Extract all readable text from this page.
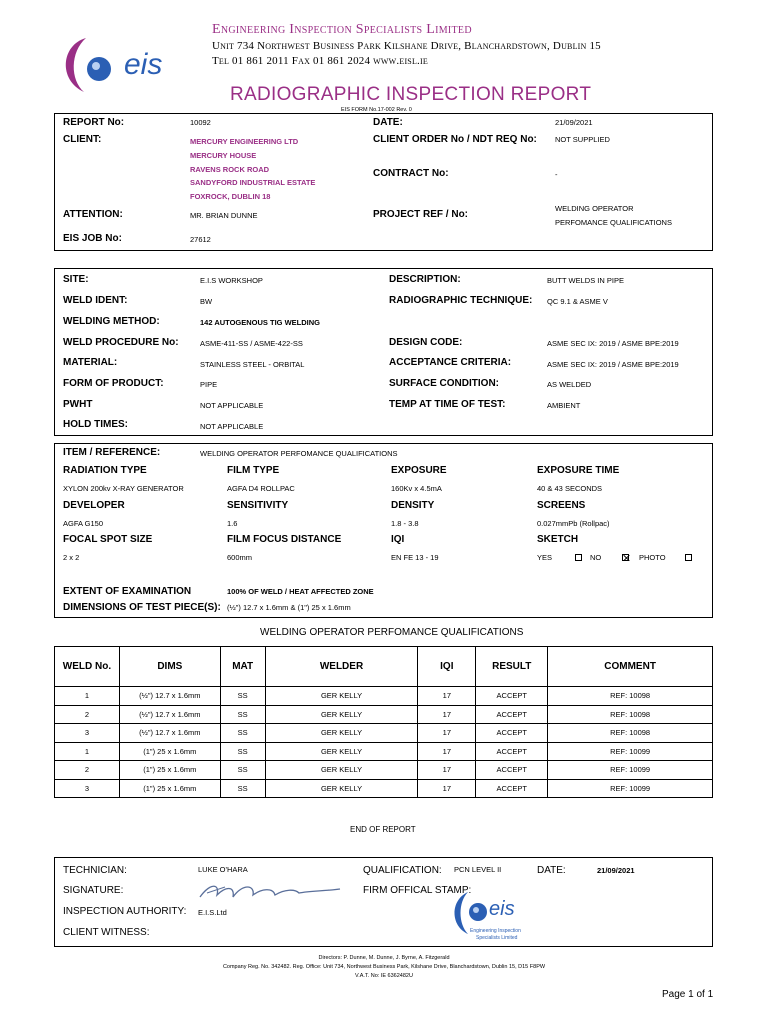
eis
Engineering Inspection Specialists Limited
Unit 734 Northwest Business Park Kilshane Drive, Blanchardstown, Dublin 15
Tel 01 861 2011 Fax 01 861 2024 www.eisl.ie
RADIOGRAPHIC INSPECTION REPORT
EIS FORM No.17-002 Rev. 0
REPORT No:	10092	DATE:	21/09/2021
CLIENT:	MERCURY ENGINEERING LTD
MERCURY HOUSE
RAVENS ROCK ROAD
SANDYFORD INDUSTRIAL ESTATE
FOXROCK, DUBLIN 18
CLIENT ORDER No / NDT REQ No: NOT SUPPLIED
CONTRACT No:	-
ATTENTION:	MR. BRIAN DUNNE	PROJECT REF / No:
WELDING OPERATOR
PERFOMANCE QUALIFICATIONS
EIS JOB No:	27612
SITE:	E.I.S WORKSHOP	DESCRIPTION:	BUTT WELDS IN PIPE
WELD IDENT:	BW	RADIOGRAPHIC TECHNIQUE: QC 9.1 & ASME V
WELDING METHOD:	142 AUTOGENOUS TIG WELDING
WELD PROCEDURE No:	ASME-411-SS / ASME-422-SS	DESIGN CODE:	ASME SEC IX: 2019 / ASME BPE:2019
MATERIAL:	STAINLESS STEEL - ORBITAL	ACCEPTANCE CRITERIA:	ASME SEC IX: 2019 / ASME BPE:2019
FORM OF PRODUCT:	PIPE	SURFACE CONDITION:	AS WELDED
PWHT	NOT APPLICABLE	TEMP AT TIME OF TEST:	AMBIENT
HOLD TIMES:	NOT APPLICABLE
ITEM / REFERENCE:	WELDING OPERATOR PERFOMANCE QUALIFICATIONS
RADIATION TYPE	FILM TYPE	EXPOSURE	EXPOSURE TIME
XYLON 200kv X-RAY GENERATOR	AGFA D4 ROLLPAC	160Kv x 4.5mA	40 & 43 SECONDS
DEVELOPER	SENSITIVITY	DENSITY	SCREENS
AGFA G150	1.6	1.8 - 3.8	0.027mmPb (Rollpac)
FOCAL SPOT SIZE	FILM FOCUS DISTANCE	IQI	SKETCH
2 x 2	600mm	EN FE 13 - 19	YES	NO	PHOTO
EXTENT OF EXAMINATION	100% OF WELD / HEAT AFFECTED ZONE
DIMENSIONS OF TEST PIECE(S): (½") 12.7 x 1.6mm & (1") 25 x 1.6mm
WELDING OPERATOR PERFOMANCE QUALIFICATIONS
WELD No.	DIMS	MAT	WELDER	IQI	RESULT	COMMENT
1	(½") 12.7 x 1.6mm	SS	GER KELLY	17	ACCEPT	REF: 10098
2	(½") 12.7 x 1.6mm	SS	GER KELLY	17	ACCEPT	REF: 10098
3	(½") 12.7 x 1.6mm	SS	GER KELLY	17	ACCEPT	REF: 10098
1	(1") 25 x 1.6mm	SS	GER KELLY	17	ACCEPT	REF: 10099
2	(1") 25 x 1.6mm	SS	GER KELLY	17	ACCEPT	REF: 10099
3	(1") 25 x 1.6mm	SS	GER KELLY	17	ACCEPT	REF: 10099
END OF REPORT
TECHNICIAN:	LUKE O'HARA	QUALIFICATION: PCN LEVEL II	DATE:	21/09/2021
SIGNATURE:	FIRM OFFICAL STAMP:
INSPECTION AUTHORITY: E.I.S.Ltd
CLIENT WITNESS:
eis
Engineering Inspection
Specialists Limited
Directors: P. Dunne, M. Dunne, J. Byrne, A. Fitzgerald
Company Reg. No. 342482. Reg. Office: Unit 734, Northwest Business Park, Kilshane Drive, Blanchardstown, Dublin 15, D15 F8PW
V.A.T. No: IE 6362482U
Page 1 of 1
